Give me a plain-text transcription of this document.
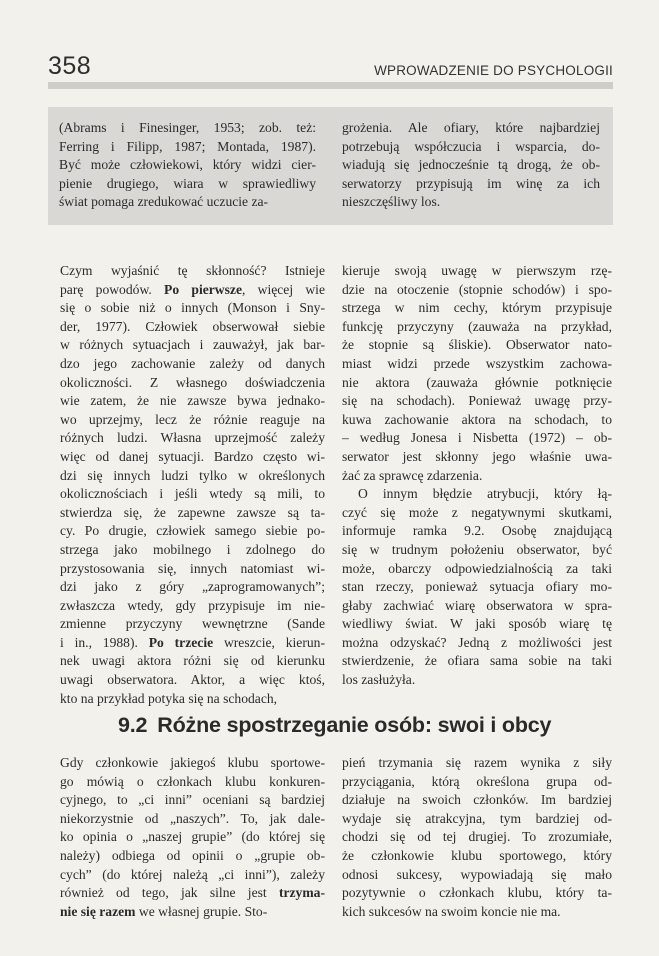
358	WPROWADZENIE DO PSYCHOLOGII
(Abrams i Finesinger, 1953; zob. też:
Ferring i Filipp, 1987; Montada, 1987).
Być może człowiekowi, który widzi cier-
pienie drugiego, wiara w sprawiedliwy
świat pomaga zredukować uczucie za-
grożenia. Ale ofiary, które najbardziej
potrzebują współczucia i wsparcia, do-
wiadują się jednocześnie tą drogą, że ob-
serwatorzy przypisują im winę za ich
nieszczęśliwy los.
Czym wyjaśnić tę skłonność? Istnieje
parę powodów. Po pierwsze, więcej wie
się o sobie niż o innych (Monson i Sny-
der, 1977). Człowiek obserwował siebie
w różnych sytuacjach i zauważył, jak bar-
dzo jego zachowanie zależy od danych
okoliczności. Z własnego doświadczenia
wie zatem, że nie zawsze bywa jednako-
wo uprzejmy, lecz że różnie reaguje na
różnych ludzi. Własna uprzejmość zależy
więc od danej sytuacji. Bardzo często wi-
dzi się innych ludzi tylko w określonych
okolicznościach i jeśli wtedy są mili, to
stwierdza się, że zapewne zawsze są ta-
cy. Po drugie, człowiek samego siebie po-
strzega jako mobilnego i zdolnego do
przystosowania się, innych natomiast wi-
dzi jako z góry „zaprogramowanych”;
zwłaszcza wtedy, gdy przypisuje im nie-
zmienne przyczyny wewnętrzne (Sande
i in., 1988). Po trzecie wreszcie, kierun-
nek uwagi aktora różni się od kierunku
uwagi obserwatora. Aktor, a więc ktoś,
kto na przykład potyka się na schodach,
kieruje swoją uwagę w pierwszym rzę-
dzie na otoczenie (stopnie schodów) i spo-
strzega w nim cechy, którym przypisuje
funkcję przyczyny (zauważa na przykład,
że stopnie są śliskie). Obserwator nato-
miast widzi przede wszystkim zachowa-
nie aktora (zauważa głównie potknięcie
się na schodach). Ponieważ uwagę przy-
kuwa zachowanie aktora na schodach, to
– według Jonesa i Nisbetta (1972) – ob-
serwator jest skłonny jego właśnie uwa-
żać za sprawcę zdarzenia.
O innym błędzie atrybucji, który łą-
czyć się może z negatywnymi skutkami,
informuje ramka 9.2. Osobę znajdującą
się w trudnym położeniu obserwator, być
może, obarczy odpowiedzialnością za taki
stan rzeczy, ponieważ sytuacja ofiary mo-
głaby zachwiać wiarę obserwatora w spra-
wiedliwy świat. W jaki sposób wiarę tę
można odzyskać? Jedną z możliwości jest
stwierdzenie, że ofiara sama sobie na taki
los zasłużyła.
9.2 Różne spostrzeganie osób: swoi i obcy
Gdy członkowie jakiegoś klubu sportowe-
go mówią o członkach klubu konkuren-
cyjnego, to „ci inni” oceniani są bardziej
niekorzystnie od „naszych”. To, jak dale-
ko opinia o „naszej grupie” (do której się
należy) odbiega od opinii o „grupie ob-
cych” (do której należą „ci inni”), zależy
również od tego, jak silne jest trzyma-
nie się razem we własnej grupie. Sto-
pień trzymania się razem wynika z siły
przyciągania, którą określona grupa od-
działuje na swoich członków. Im bardziej
wydaje się atrakcyjna, tym bardziej od-
chodzi się od tej drugiej. To zrozumiałe,
że członkowie klubu sportowego, który
odnosi sukcesy, wypowiadają się mało
pozytywnie o członkach klubu, który ta-
kich sukcesów na swoim koncie nie ma.
